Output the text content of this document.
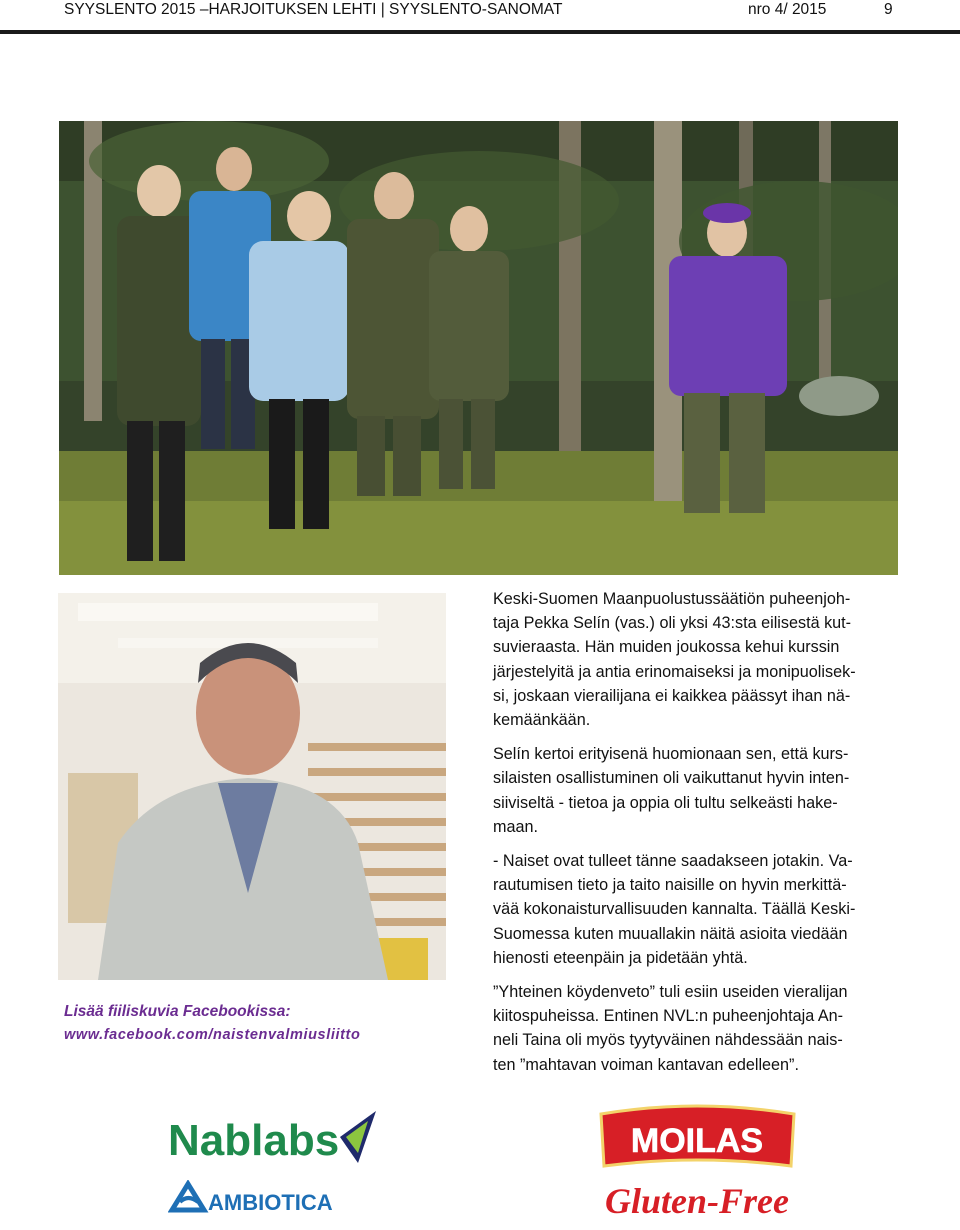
SYYSLENTO 2015 –HARJOITUKSEN LEHTI | SYYSLENTO-SANOMAT	nro 4/ 2015	9
Lisää fiiliskuvia Facebookissa:
www.facebook.com/naistenvalmiusliitto

Keski-Suomen Maanpuolustussäätiön puheenjoh-
taja Pekka Selín (vas.) oli yksi 43:sta eilisestä kut-
suvieraasta. Hän muiden joukossa kehui kurssin
järjestelyitä ja antia erinomaiseksi ja monipuolisek-
si, joskaan vierailijana ei kaikkea päässyt ihan nä-
kemäänkään.

Selín kertoi erityisenä huomionaan sen, että kurs-
silaisten osallistuminen oli vaikuttanut hyvin inten-
siiviseltä - tietoa ja oppia oli tultu selkeästi hake-
maan.

- Naiset ovat tulleet tänne saadakseen jotakin. Va-
rautumisen tieto ja taito naisille on hyvin merkittä-
vää kokonaisturvallisuuden kannalta. Täällä Keski-
Suomessa kuten muuallakin näitä asioita viedään
hienosti eteenpäin ja pidetään yhtä.

”Yhteinen köydenveto” tuli esiin useiden vieralijan
kiitospuheissa. Entinen NVL:n puheenjohtaja An-
neli Taina oli myös tyytyväinen nähdessään nais-
ten ”mahtavan voiman kantavan edelleen”.

Nablabs
AMBIOTICA
MOILAS
Gluten-Free
